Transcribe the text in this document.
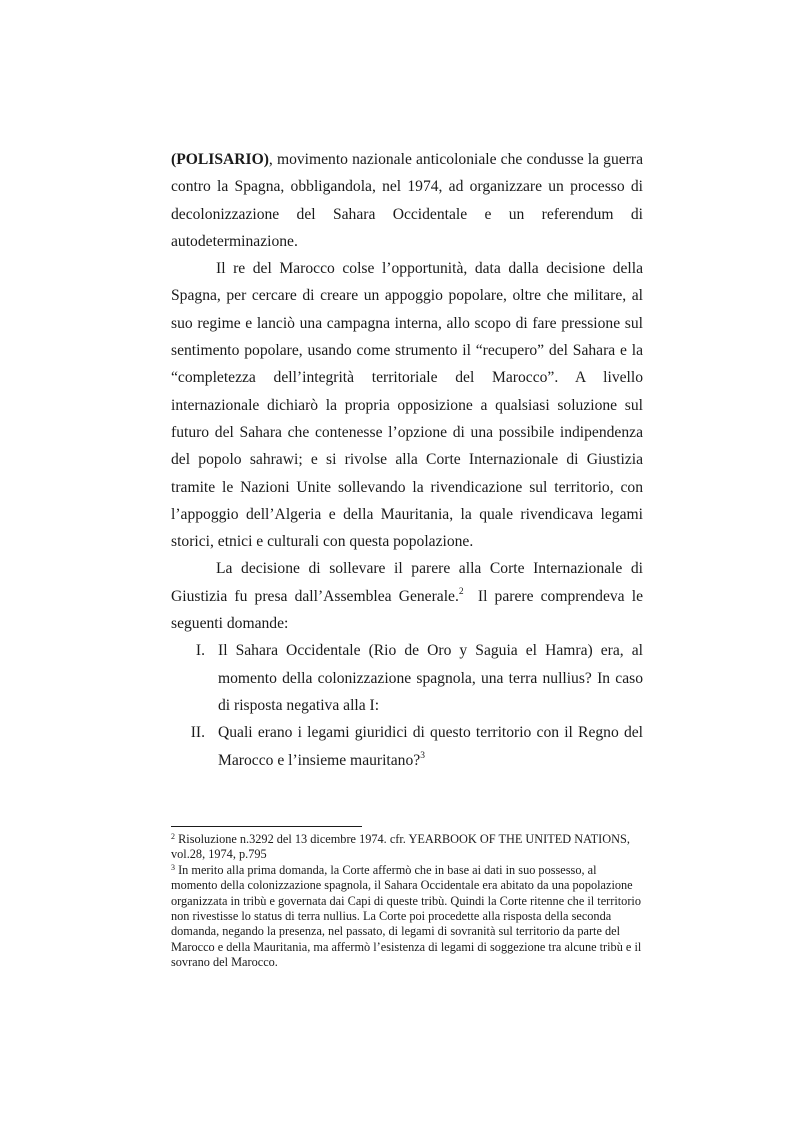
(POLISARIO), movimento nazionale anticoloniale che condusse la guerra contro la Spagna, obbligandola, nel 1974, ad organizzare un processo di decolonizzazione del Sahara Occidentale e un referendum di autodeterminazione.

Il re del Marocco colse l’opportunità, data dalla decisione della Spagna, per cercare di creare un appoggio popolare, oltre che militare, al suo regime e lanciò una campagna interna, allo scopo di fare pressione sul sentimento popolare, usando come strumento il “recupero” del Sahara e la “completezza dell’integrità territoriale del Marocco”. A livello internazionale dichiarò la propria opposizione a qualsiasi soluzione sul futuro del Sahara che contenesse l’opzione di una possibile indipendenza del popolo sahrawi; e si rivolse alla Corte Internazionale di Giustizia tramite le Nazioni Unite sollevando la rivendicazione sul territorio, con l’appoggio dell’Algeria e della Mauritania, la quale rivendicava legami storici, etnici e culturali con questa popolazione.

La decisione di sollevare il parere alla Corte Internazionale di Giustizia fu presa dall’Assemblea Generale.$^2$  Il parere comprendeva le seguenti domande:

I. Il Sahara Occidentale (Rio de Oro y Saguia el Hamra) era, al momento della colonizzazione spagnola, una terra nullius? In caso di risposta negativa alla I:
II. Quali erano i legami giuridici di questo territorio con il Regno del Marocco e l’insieme mauritano?$^3$

$^2$ Risoluzione n.3292 del 13 dicembre 1974. cfr. YEARBOOK OF THE UNITED NATIONS, vol.28, 1974, p.795

$^3$ In merito alla prima domanda, la Corte affermò che in base ai dati in suo possesso, al momento della colonizzazione spagnola, il Sahara Occidentale era abitato da una popolazione organizzata in tribù e governata dai Capi di queste tribù. Quindi la Corte ritenne che il territorio non rivestisse lo status di terra nullius. La Corte poi procedette alla risposta della seconda domanda, negando la presenza, nel passato, di legami di sovranità sul territorio da parte del Marocco e della Mauritania, ma affermò l’esistenza di legami di soggezione tra alcune tribù e il sovrano del Marocco.
